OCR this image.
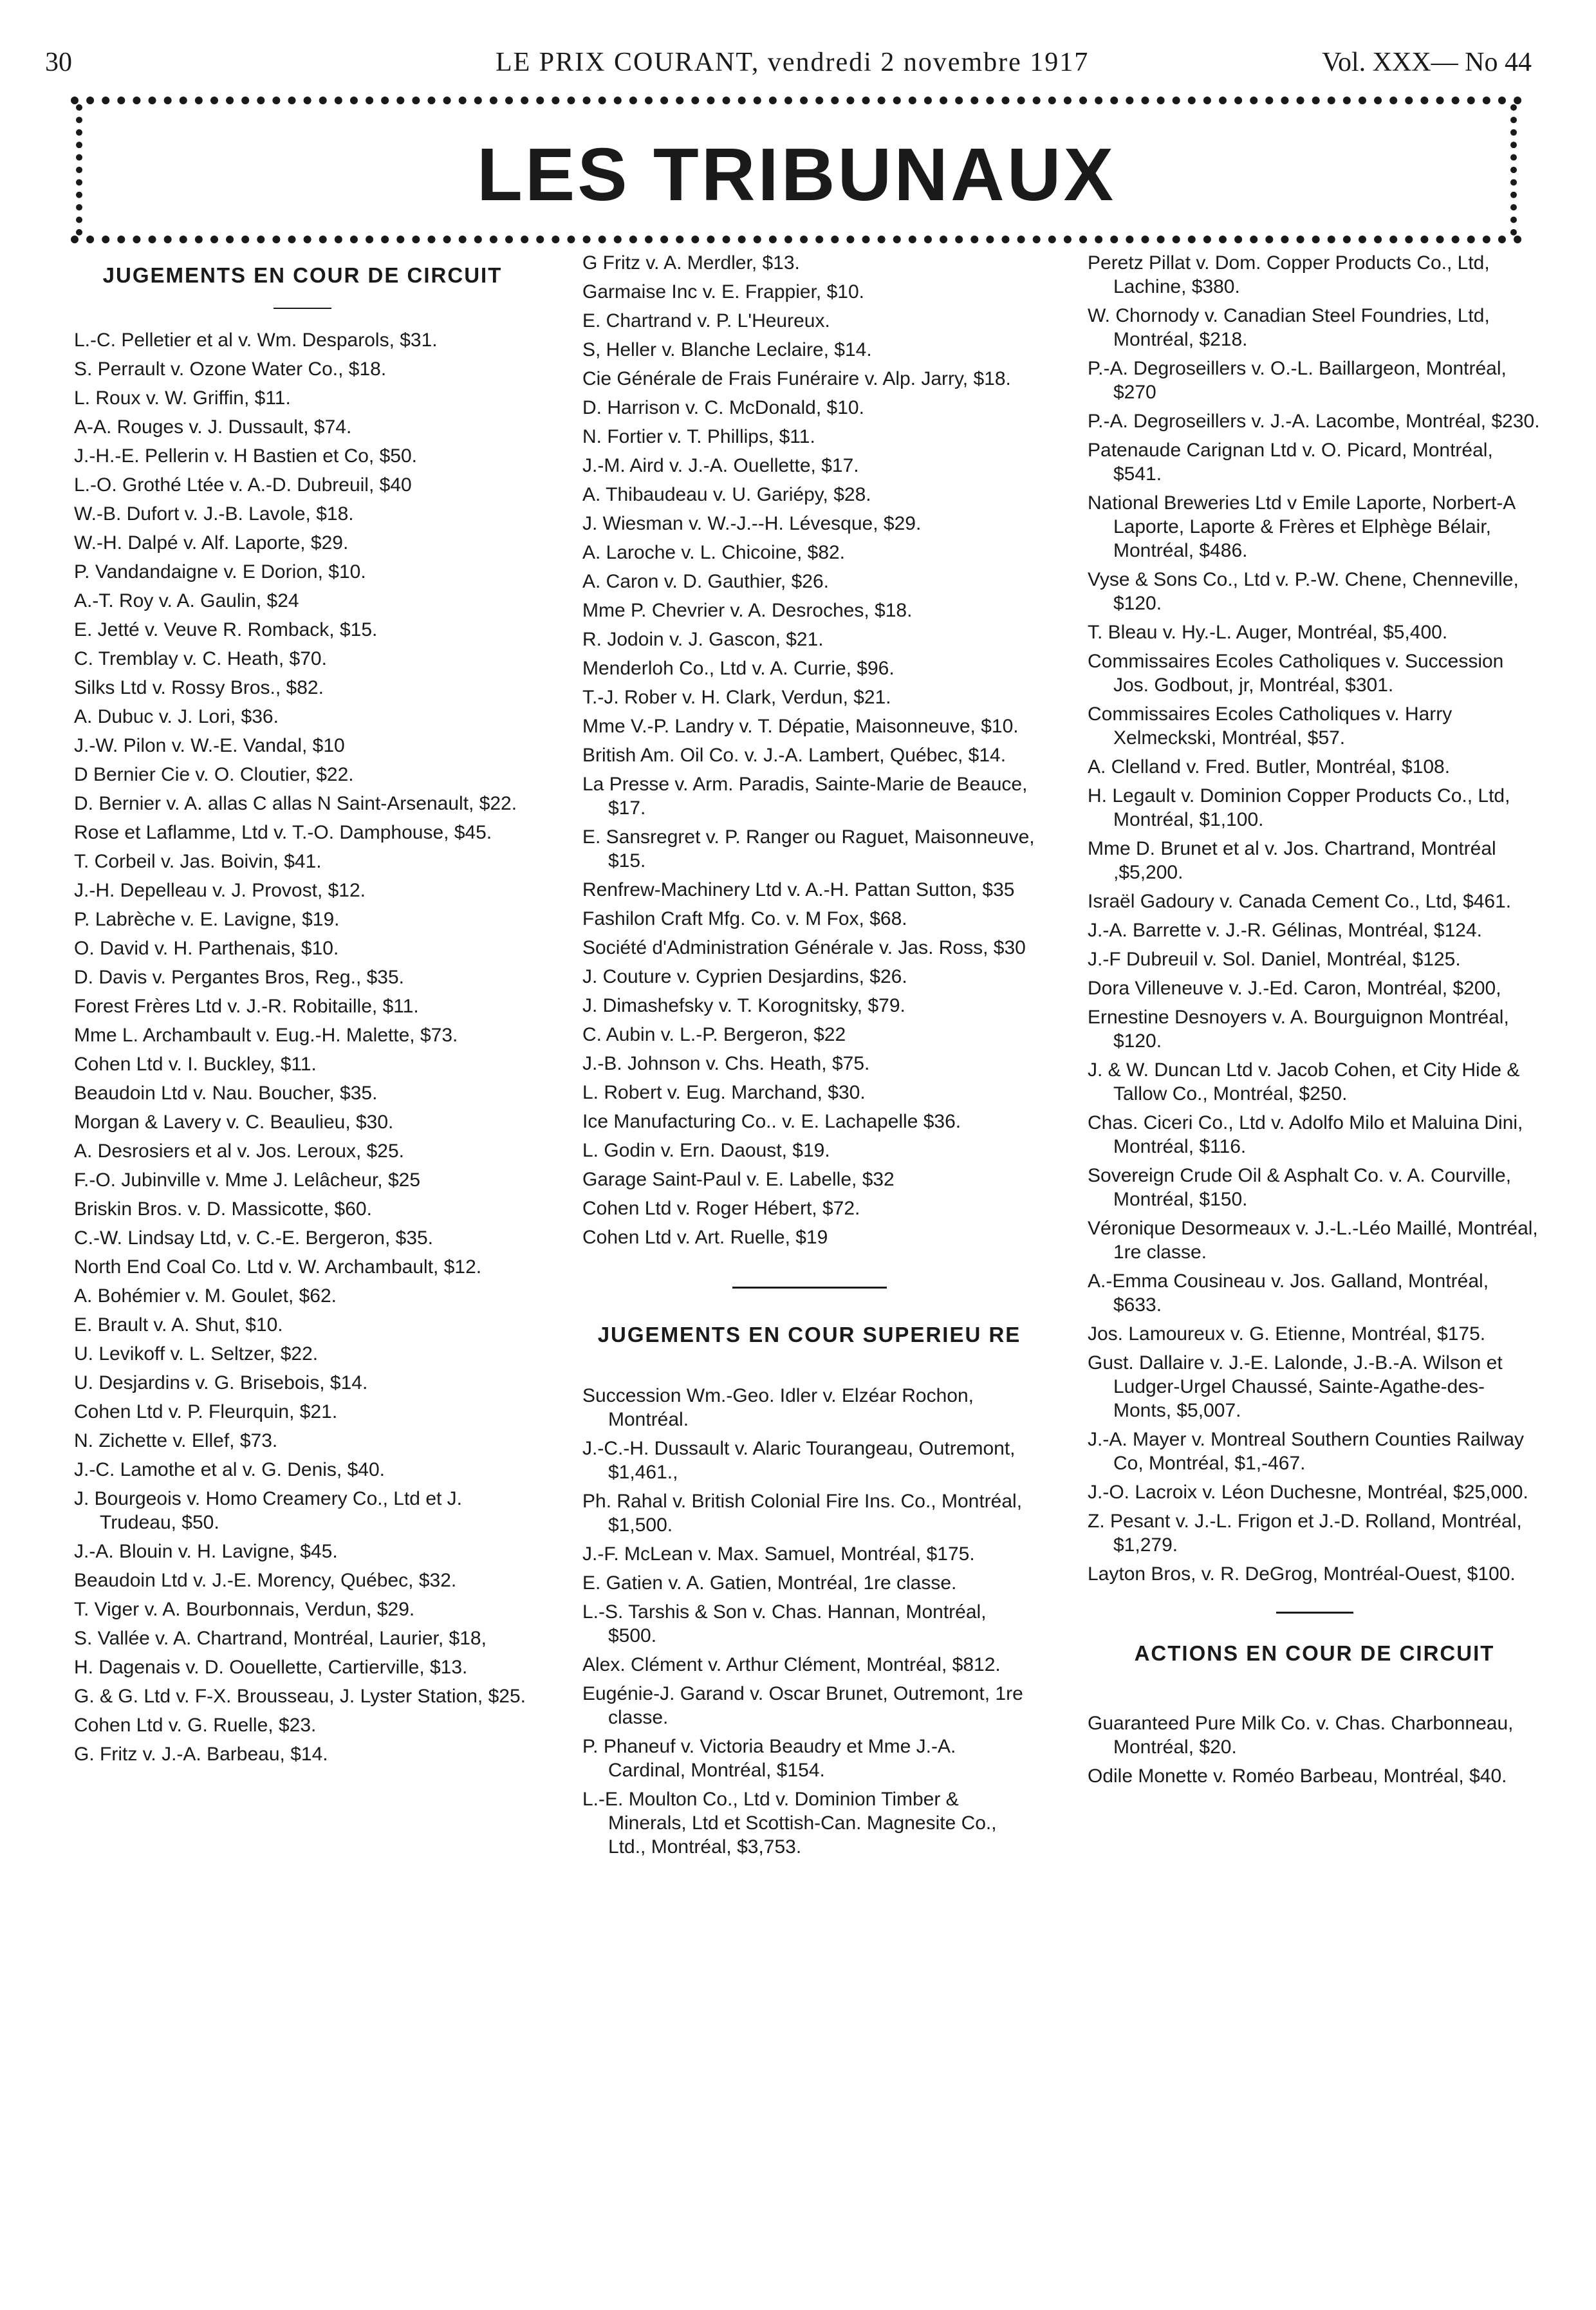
30	LE PRIX COURANT, vendredi 2 novembre 1917	Vol. XXX— No 44
LES TRIBUNAUX
JUGEMENTS EN COUR DE CIRCUIT
L.-C. Pelletier et al v. Wm. Desparols, $31.
S. Perrault v. Ozone Water Co., $18.
L. Roux v. W. Griffin, $11.
A-A. Rouges v. J. Dussault, $74.
J.-H.-E. Pellerin v. H Bastien et Co, $50.
L.-O. Grothé Ltée v. A.-D. Dubreuil, $40
W.-B. Dufort v. J.-B. Lavole, $18.
W.-H. Dalpé v. Alf. Laporte, $29.
P. Vandandaigne v. E Dorion, $10.
A.-T. Roy v. A. Gaulin, $24
E. Jetté v. Veuve R. Romback, $15.
C. Tremblay v. C. Heath, $70.
Silks Ltd v. Rossy Bros., $82.
A. Dubuc v. J. Lori, $36.
J.-W. Pilon v. W.-E. Vandal, $10
D Bernier Cie v. O. Cloutier, $22.
D. Bernier v. A. allas C allas N Saint-Arsenault, $22.
Rose et Laflamme, Ltd v. T.-O. Damphouse, $45.
T. Corbeil v. Jas. Boivin, $41.
J.-H. Depelleau v. J. Provost, $12.
P. Labrèche v. E. Lavigne, $19.
O. David v. H. Parthenais, $10.
D. Davis v. Pergantes Bros, Reg., $35.
Forest Frères Ltd v. J.-R. Robitaille, $11.
Mme L. Archambault v. Eug.-H. Malette, $73.
Cohen Ltd v. I. Buckley, $11.
Beaudoin Ltd v. Nau. Boucher, $35.
Morgan & Lavery v. C. Beaulieu, $30.
A. Desrosiers et al v. Jos. Leroux, $25.
F.-O. Jubinville v. Mme J. Lelâcheur, $25
Briskin Bros. v. D. Massicotte, $60.
C.-W. Lindsay Ltd, v. C.-E. Bergeron, $35.
North End Coal Co. Ltd v. W. Archambault, $12.
A. Bohémier v. M. Goulet, $62.
E. Brault v. A. Shut, $10.
U. Levikoff v. L. Seltzer, $22.
U. Desjardins v. G. Brisebois, $14.
Cohen Ltd v. P. Fleurquin, $21.
N. Zichette v. Ellef, $73.
J.-C. Lamothe et al v. G. Denis, $40.
J. Bourgeois v. Homo Creamery Co., Ltd et J. Trudeau, $50.
J.-A. Blouin v. H. Lavigne, $45.
Beaudoin Ltd v. J.-E. Morency, Québec, $32.
T. Viger v. A. Bourbonnais, Verdun, $29.
S. Vallée v. A. Chartrand, Montréal, Laurier, $18,
H. Dagenais v. D. Oouellette, Cartierville, $13.
G. & G. Ltd v. F-X. Brousseau, J. Lyster Station, $25.
Cohen Ltd v. G. Ruelle, $23.
G. Fritz v. J.-A. Barbeau, $14.
G Fritz v. A. Merdler, $13.
Garmaise Inc v. E. Frappier, $10.
E. Chartrand v. P. L'Heureux.
S, Heller v. Blanche Leclaire, $14.
Cie Générale de Frais Funéraire v. Alp. Jarry, $18.
D. Harrison v. C. McDonald, $10.
N. Fortier v. T. Phillips, $11.
J.-M. Aird v. J.-A. Ouellette, $17.
A. Thibaudeau v. U. Gariépy, $28.
J. Wiesman v. W.-J.--H. Lévesque, $29.
A. Laroche v. L. Chicoine, $82.
A. Caron v. D. Gauthier, $26.
Mme P. Chevrier v. A. Desroches, $18.
R. Jodoin v. J. Gascon, $21.
Menderloh Co., Ltd v. A. Currie, $96.
T.-J. Rober v. H. Clark, Verdun, $21.
Mme V.-P. Landry v. T. Dépatie, Maisonneuve, $10.
British Am. Oil Co. v. J.-A. Lambert, Québec, $14.
La Presse v. Arm. Paradis, Sainte-Marie de Beauce, $17.
E. Sansregret v. P. Ranger ou Raguet, Maisonneuve, $15.
Renfrew-Machinery Ltd v. A.-H. Pattan Sutton, $35
Fashilon Craft Mfg. Co. v. M Fox, $68.
Société d'Administration Générale v. Jas. Ross, $30
J. Couture v. Cyprien Desjardins, $26.
J. Dimashefsky v. T. Korognitsky, $79.
C. Aubin v. L.-P. Bergeron, $22
J.-B. Johnson v. Chs. Heath, $75.
L. Robert v. Eug. Marchand, $30.
Ice Manufacturing Co.. v. E. Lachapelle $36.
L. Godin v. Ern. Daoust, $19.
Garage Saint-Paul v. E. Labelle, $32
Cohen Ltd v. Roger Hébert, $72.
Cohen Ltd v. Art. Ruelle, $19
JUGEMENTS EN COUR SUPERIEU RE
Succession Wm.-Geo. Idler v. Elzéar Rochon, Montréal.
J.-C.-H. Dussault v. Alaric Tourangeau, Outremont, $1,461.,
Ph. Rahal v. British Colonial Fire Ins. Co., Montréal, $1,500.
J.-F. McLean v. Max. Samuel, Montréal, $175.
E. Gatien v. A. Gatien, Montréal, 1re classe.
L.-S. Tarshis & Son v. Chas. Hannan, Montréal, $500.
Alex. Clément v. Arthur Clément, Montréal, $812.
Eugénie-J. Garand v. Oscar Brunet, Outremont, 1re classe.
P. Phaneuf v. Victoria Beaudry et Mme J.-A. Cardinal, Montréal, $154.
L.-E. Moulton Co., Ltd v. Dominion Timber & Minerals, Ltd et Scottish-Can. Magnesite Co., Ltd., Montréal, $3,753.
Peretz Pillat v. Dom. Copper Products Co., Ltd, Lachine, $380.
W. Chornody v. Canadian Steel Foundries, Ltd, Montréal, $218.
P.-A. Degroseillers v. O.-L. Baillargeon, Montréal, $270
P.-A. Degroseillers v. J.-A. Lacombe, Montréal, $230.
Patenaude Carignan Ltd v. O. Picard, Montréal, $541.
National Breweries Ltd v Emile Laporte, Norbert-A Laporte, Laporte & Frères et Elphège Bélair, Montréal, $486.
Vyse & Sons Co., Ltd v. P.-W. Chene, Chenneville, $120.
T. Bleau v. Hy.-L. Auger, Montréal, $5,400.
Commissaires Ecoles Catholiques v. Succession Jos. Godbout, jr, Montréal, $301.
Commissaires Ecoles Catholiques v. Harry Xelmeckski, Montréal, $57.
A. Clelland v. Fred. Butler, Montréal, $108.
H. Legault v. Dominion Copper Products Co., Ltd, Montréal, $1,100.
Mme D. Brunet et al v. Jos. Chartrand, Montréal ,$5,200.
Israël Gadoury v. Canada Cement Co., Ltd, $461.
J.-A. Barrette v. J.-R. Gélinas, Montréal, $124.
J.-F Dubreuil v. Sol. Daniel, Montréal, $125.
Dora Villeneuve v. J.-Ed. Caron, Montréal, $200,
Ernestine Desnoyers v. A. Bourguignon Montréal, $120.
J. & W. Duncan Ltd v. Jacob Cohen, et City Hide & Tallow Co., Montréal, $250.
Chas. Ciceri Co., Ltd v. Adolfo Milo et Maluina Dini, Montréal, $116.
Sovereign Crude Oil & Asphalt Co. v. A. Courville, Montréal, $150.
Véronique Desormeaux v. J.-L.-Léo Maillé, Montréal, 1re classe.
A.-Emma Cousineau v. Jos. Galland, Montréal, $633.
Jos. Lamoureux v. G. Etienne, Montréal, $175.
Gust. Dallaire v. J.-E. Lalonde, J.-B.-A. Wilson et Ludger-Urgel Chaussé, Sainte-Agathe-des-Monts, $5,007.
J.-A. Mayer v. Montreal Southern Counties Railway Co, Montréal, $1,-467.
J.-O. Lacroix v. Léon Duchesne, Montréal, $25,000.
Z. Pesant v. J.-L. Frigon et J.-D. Rolland, Montréal, $1,279.
Layton Bros, v. R. DeGrog, Montréal-Ouest, $100.
ACTIONS EN COUR DE CIRCUIT
Guaranteed Pure Milk Co. v. Chas. Charbonneau, Montréal, $20.
Odile Monette v. Roméo Barbeau, Montréal, $40.
